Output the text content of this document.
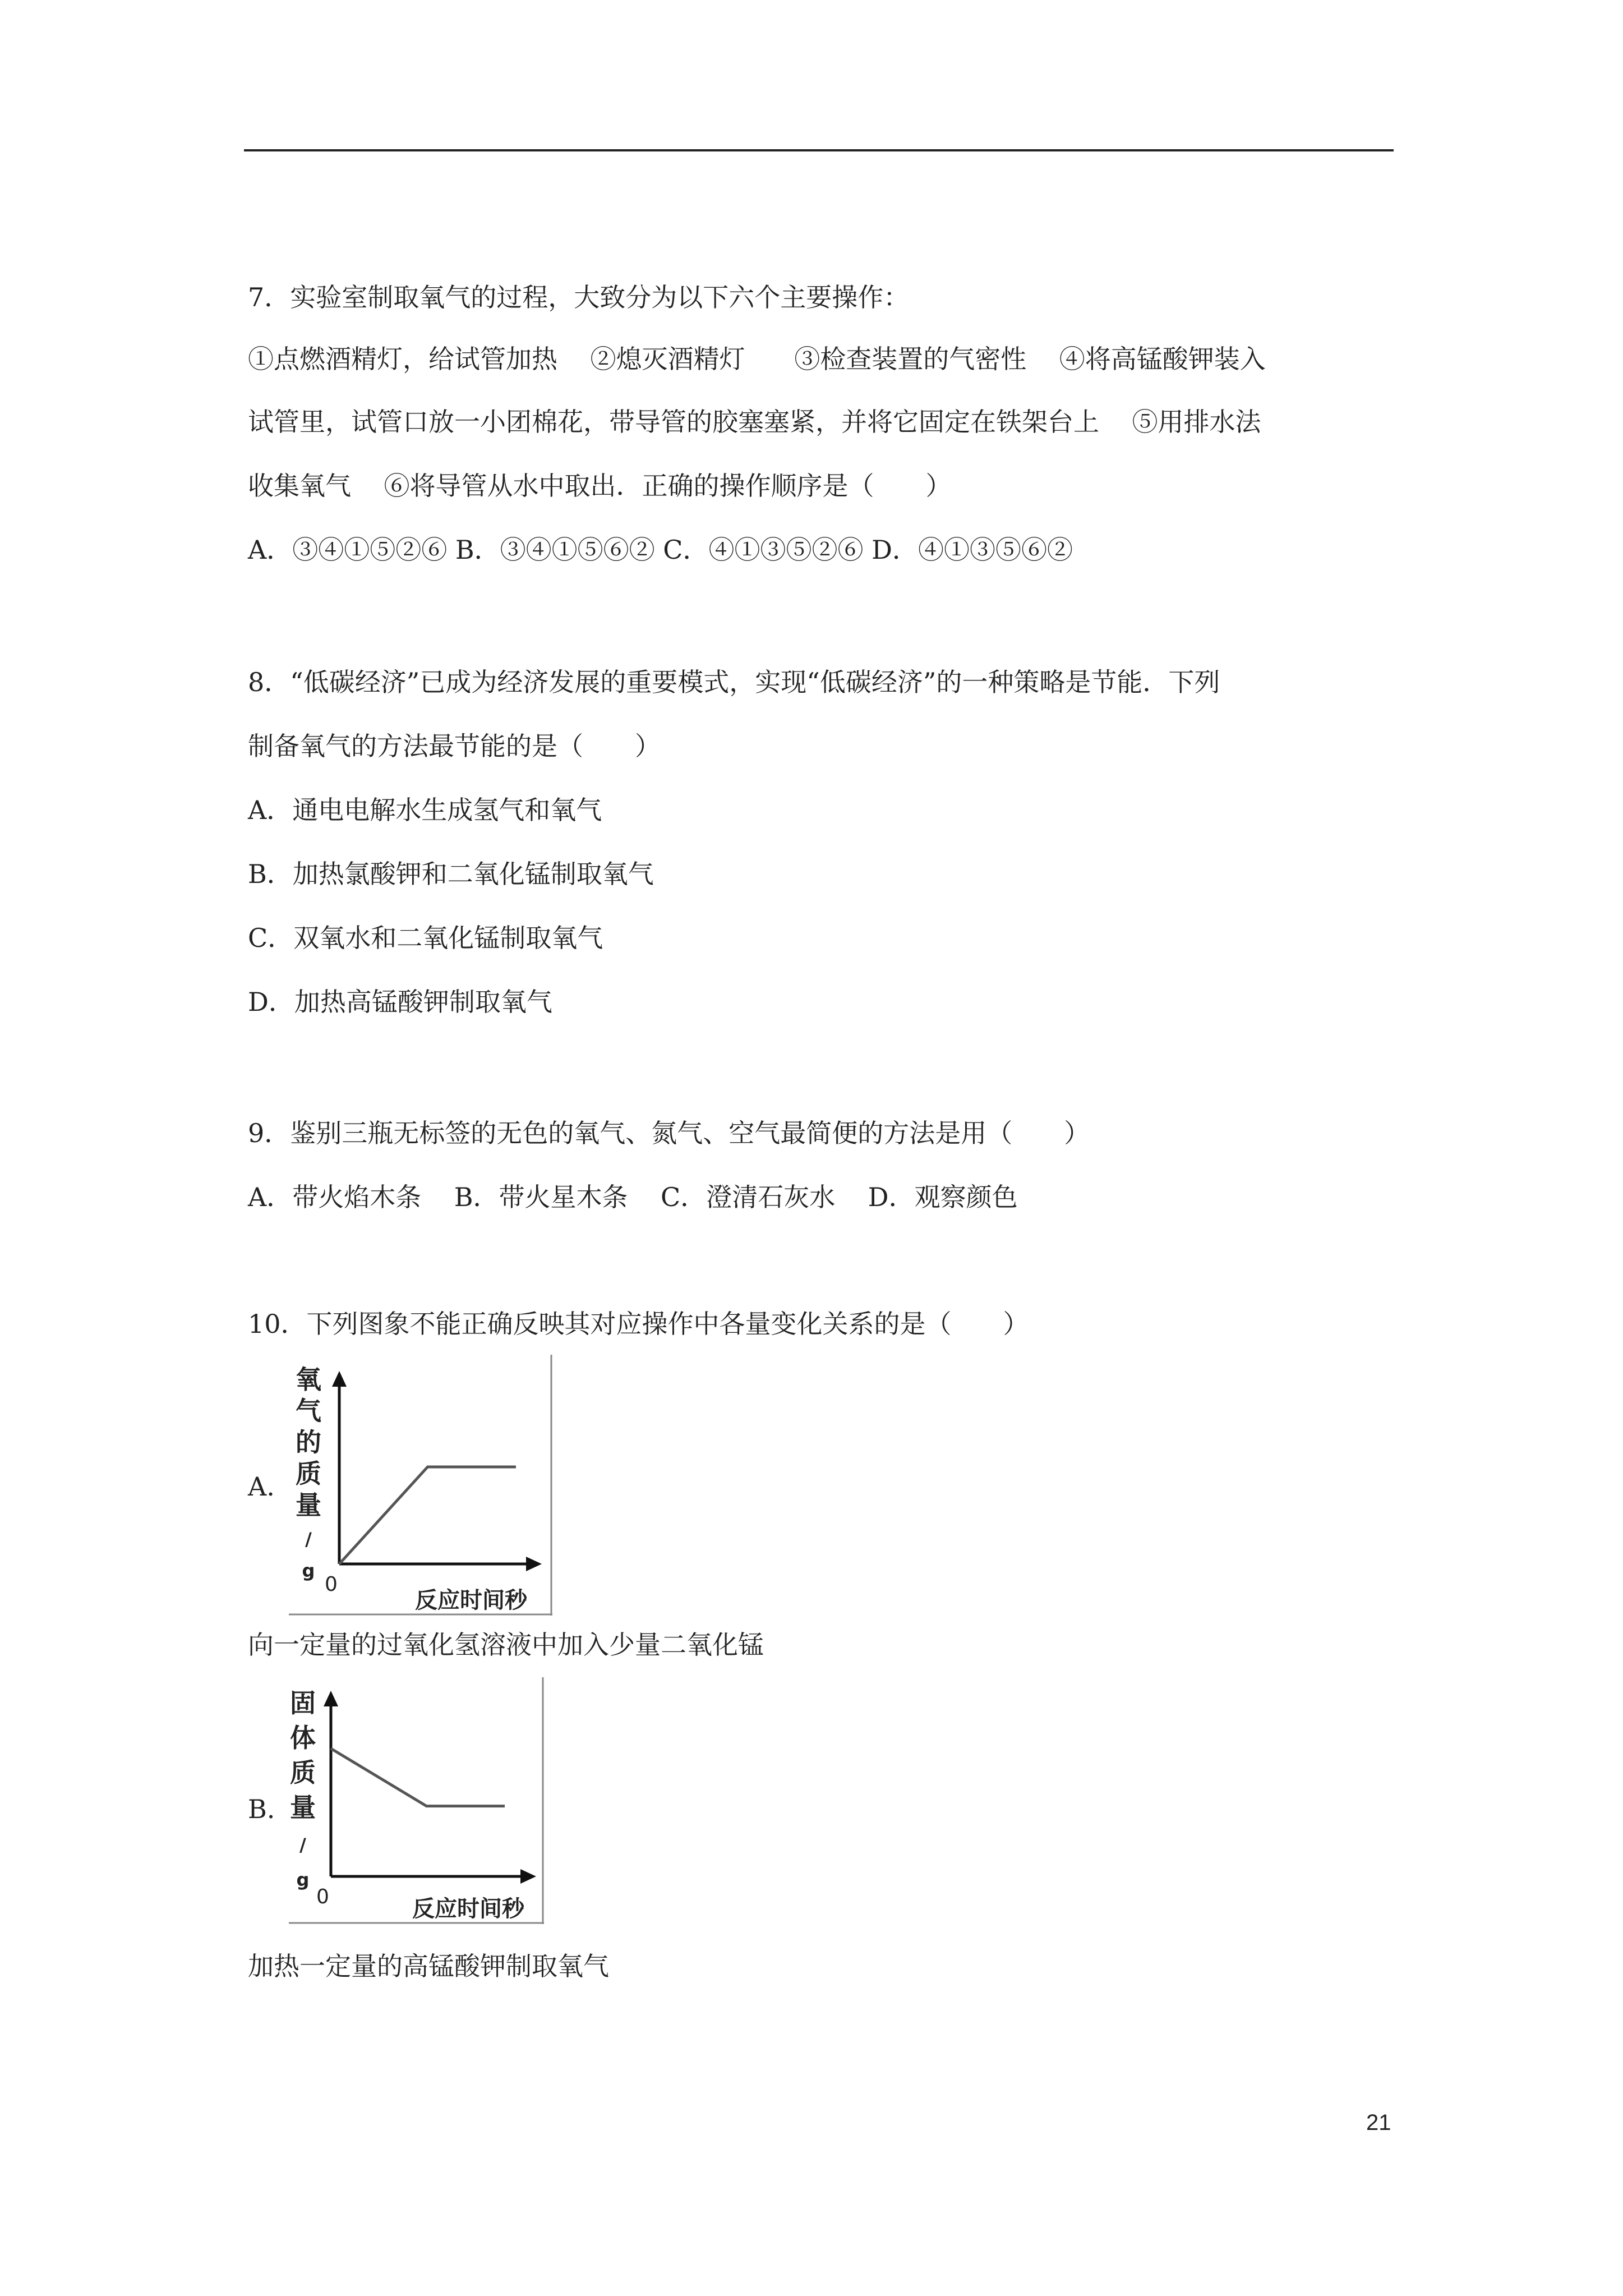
7．实验室制取氧气的过程，大致分为以下六个主要操作：
①点燃酒精灯，给试管加热    ②熄灭酒精灯      ③检查装置的气密性    ④将高锰酸钾装入
试管里，试管口放一小团棉花，带导管的胶塞塞紧，并将它固定在铁架台上    ⑤用排水法
收集氧气    ⑥将导管从水中取出．正确的操作顺序是（　　）
A．③④①⑤②⑥ B．③④①⑤⑥② C．④①③⑤②⑥ D．④①③⑤⑥②
8．“低碳经济”已成为经济发展的重要模式，实现“低碳经济”的一种策略是节能．下列
制备氧气的方法最节能的是（　　）
A．通电电解水生成氢气和氧气
B．加热氯酸钾和二氧化锰制取氧气
C．双氧水和二氧化锰制取氧气
D．加热高锰酸钾制取氧气
9．鉴别三瓶无标签的无色的氧气、氮气、空气最简便的方法是用（　　）
A．带火焰木条    B．带火星木条    C．澄清石灰水    D．观察颜色
10．下列图象不能正确反映其对应操作中各量变化关系的是（　　）
A.
氧
气
的
质
量
/
g
0
反应时间秒
向一定量的过氧化氢溶液中加入少量二氧化锰
B.
固
体
质
量
/
g
0	反应时间秒
加热一定量的高锰酸钾制取氧气
21
